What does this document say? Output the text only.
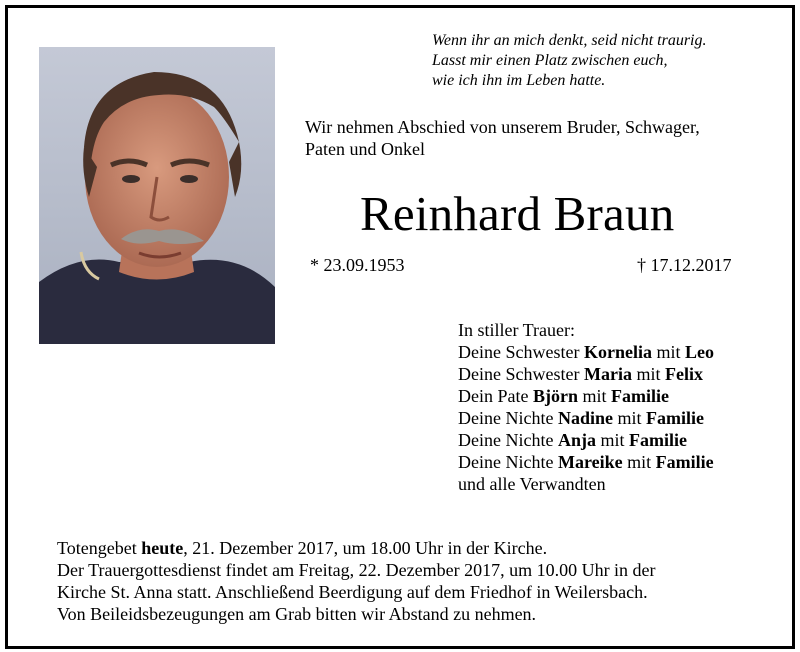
Wenn ihr an mich denkt, seid nicht traurig.
Lasst mir einen Platz zwischen euch,
wie ich ihn im Leben hatte.
Wir nehmen Abschied von unserem Bruder, Schwager,
Paten und Onkel
Reinhard Braun
* 23.09.1953	† 17.12.2017
In stiller Trauer:
Deine Schwester Kornelia mit Leo
Deine Schwester Maria mit Felix
Dein Pate Björn mit Familie
Deine Nichte Nadine mit Familie
Deine Nichte Anja mit Familie
Deine Nichte Mareike mit Familie
und alle Verwandten
Totengebet heute, 21. Dezember 2017, um 18.00 Uhr in der Kirche.
Der Trauergottesdienst findet am Freitag, 22. Dezember 2017, um 10.00 Uhr in der
Kirche St. Anna statt. Anschließend Beerdigung auf dem Friedhof in Weilersbach.
Von Beileidsbezeugungen am Grab bitten wir Abstand zu nehmen.
